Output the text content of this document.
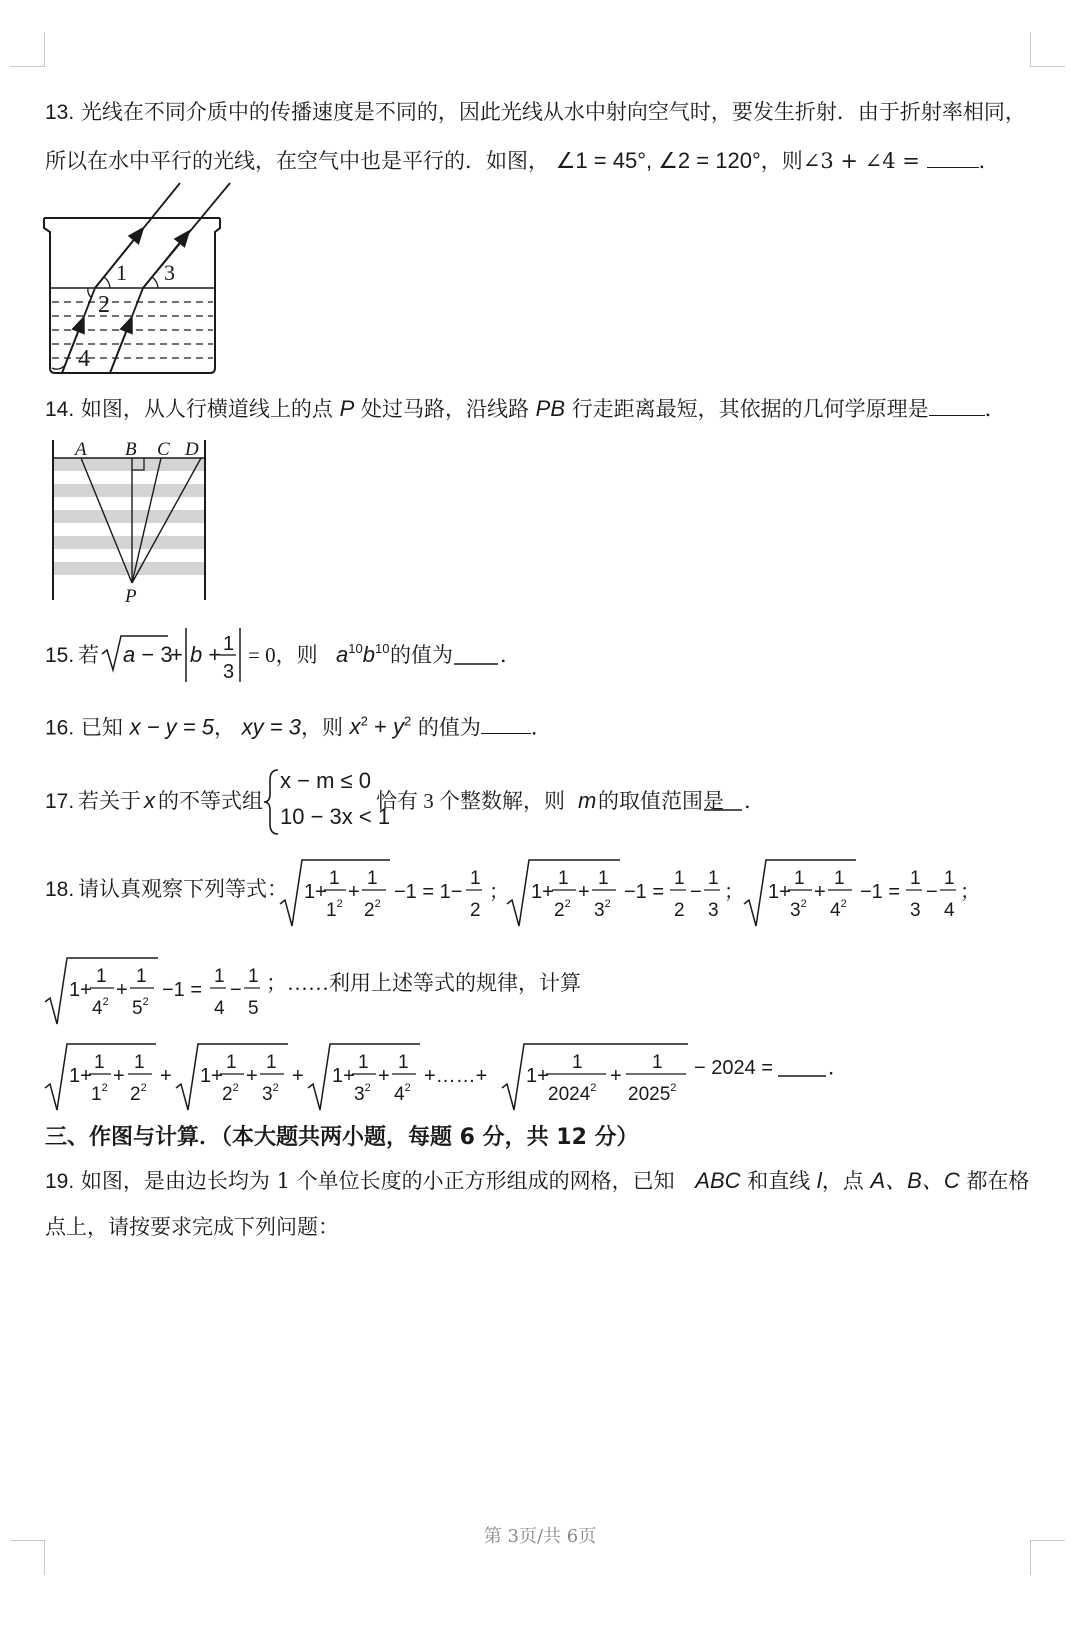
13. 光线在不同介质中的传播速度是不同的，因此光线从水中射向空气时，要发生折射．由于折射率相同，
所以在水中平行的光线，在空气中也是平行的．如图， ∠1 = 45°, ∠2 = 120°，则∠3 + ∠4 =	．
1
2
3
4
14. 如图，从人行横道线上的点 P 处过马路，沿线路 PB 行走距离最短，其依据的几何学原理是	．
A B C D
P
15. 若 a − 3
+ b + 1
3
= 0，则 $a^{10}b^{10}$ 的值为 ．
16. 已知 x − y = 5， xy = 3，则 $x^2 + y^2$ 的值为 ．
17. 若关于 x 的不等式组
x − m ≤ 0
10 − 3x < 1
恰有 3 个整数解，则 m 的取值范围是 ．
18. 请认真观察下列等式： 1+
1
$1^2$
+
1
$2^2$
−1 = 1−
1
2
； 1+
1
$2^2$
+
1
$3^2$
−1 =
1
2
−
1
3
； 1+
1
$3^2$
+
1
$4^2$
−1 =
1
3
−
1
4
；
1+
1
$4^2$
+
1
$5^2$
−1 =
1
4
−
1
5
；……利用上述等式的规律，计算
1+
1
$1^2$
+
1
$2^2$
+ 1+
1
$2^2$
+
1
$3^2$
+ 1+
1
$3^2$
+
1
$4^2$
+……+ 1+
1
$2024^2$
+
1
$2025^2$
− 2024 =	．
三、作图与计算．（本大题共两小题，每题 6 分，共 12 分）
19. 如图，是由边长均为 1 个单位长度的小正方形组成的网格，已知 ABC 和直线 l，点 A、B、C 都在格
点上，请按要求完成下列问题：
第 3页/共 6页
